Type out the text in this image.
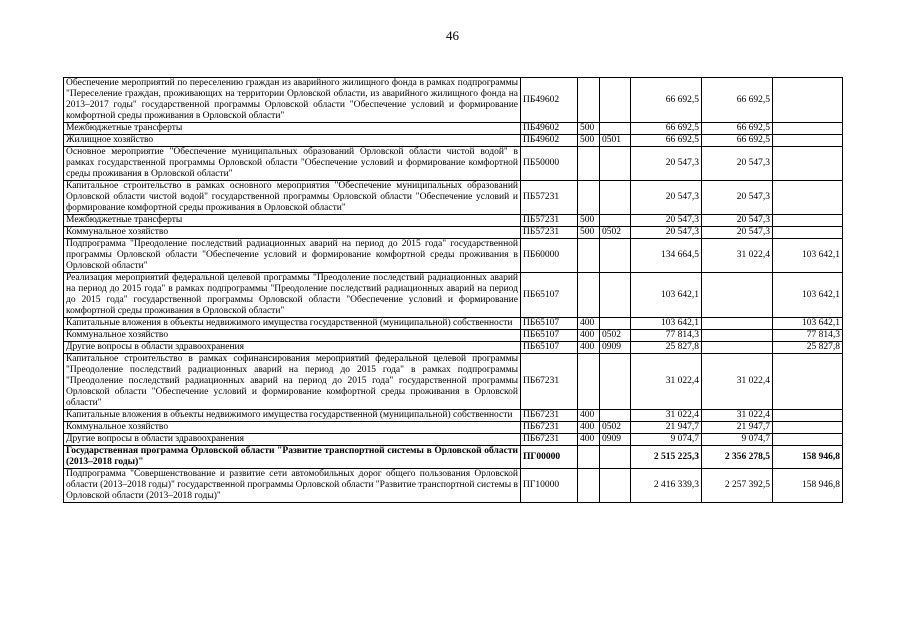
46
Обеспечение мероприятий по переселению граждан из аварийного жилищного фонда в рамках подпрограммы "Переселение граждан, проживающих на территории Орловской области, из аварийного жилищного фонда на 2013–2017 годы" государственной программы Орловской области "Обеспечение условий и формирование комфортной среды проживания в Орловской области"	ПБ49602			66 692,5	66 692,5	
Межбюджетные трансферты	ПБ49602	500		66 692,5	66 692,5	
Жилищное хозяйство	ПБ49602	500	0501	66 692,5	66 692,5	
Основное мероприятие "Обеспечение муниципальных образований Орловской области чистой водой" в рамках государственной программы Орловской области "Обеспечение условий и формирование комфортной среды проживания в Орловской области"	ПБ50000			20 547,3	20 547,3	
Капитальное строительство в рамках основного мероприятия "Обеспечение муниципальных образований Орловской области чистой водой" государственной программы Орловской области "Обеспечение условий и формирование комфортной среды проживания в Орловской области"	ПБ57231			20 547,3	20 547,3	
Межбюджетные трансферты	ПБ57231	500		20 547,3	20 547,3	
Коммунальное хозяйство	ПБ57231	500	0502	20 547,3	20 547,3	
Подпрограмма "Преодоление последствий радиационных аварий на период до 2015 года" государственной программы Орловской области "Обеспечение условий и формирование комфортной среды проживания в Орловской области"	ПБ60000			134 664,5	31 022,4	103 642,1
Реализация мероприятий федеральной целевой программы "Преодоление последствий радиационных аварий на период до 2015 года" в рамках подпрограммы "Преодоление последствий радиационных аварий на период до 2015 года" государственной программы Орловской области "Обеспечение условий и формирование комфортной среды проживания в Орловской области"	ПБ65107			103 642,1		103 642,1
Капитальные вложения в объекты недвижимого имущества государственной (муниципальной) собственности	ПБ65107	400		103 642,1		103 642,1
Коммунальное хозяйство	ПБ65107	400	0502	77 814,3		77 814,3
Другие вопросы в области здравоохранения	ПБ65107	400	0909	25 827,8		25 827,8
Капитальное строительство в рамках софинансирования мероприятий федеральной целевой программы "Преодоление последствий радиационных аварий на период до 2015 года" в рамках подпрограммы "Преодоление последствий радиационных аварий на период до 2015 года" государственной программы Орловской области "Обеспечение условий и формирование комфортной среды проживания в Орловской области"	ПБ67231			31 022,4	31 022,4	
Капитальные вложения в объекты недвижимого имущества государственной (муниципальной) собственности	ПБ67231	400		31 022,4	31 022,4	
Коммунальное хозяйство	ПБ67231	400	0502	21 947,7	21 947,7	
Другие вопросы в области здравоохранения	ПБ67231	400	0909	9 074,7	9 074,7	
Государственная программа Орловской области "Развитие транспортной системы в Орловской области (2013–2018 годы)"	ПГ00000			2 515 225,3	2 356 278,5	158 946,8
Подпрограмма "Совершенствование и развитие сети автомобильных дорог общего пользования Орловской области (2013–2018 годы)" государственной программы Орловской области "Развитие транспортной системы в Орловской области (2013–2018 годы)"	ПГ10000			2 416 339,3	2 257 392,5	158 946,8
